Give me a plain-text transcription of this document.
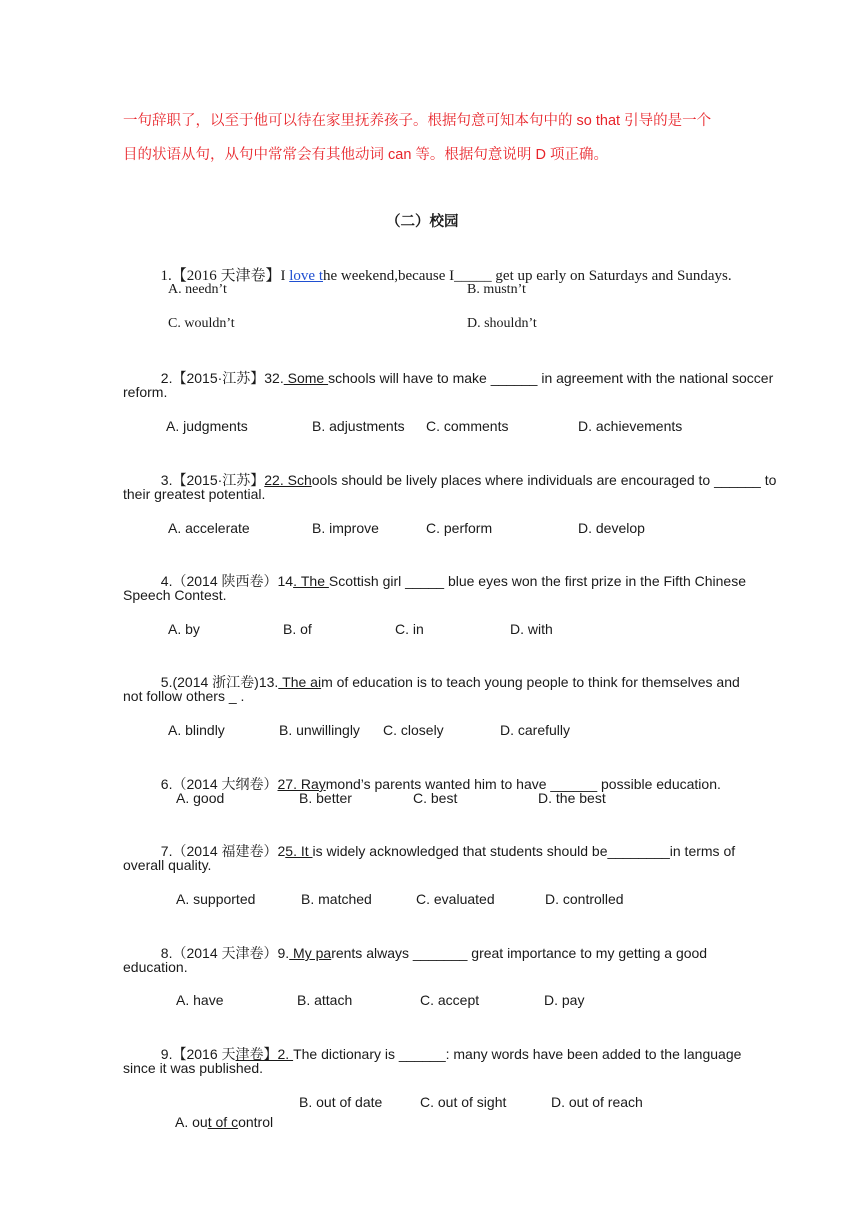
一句辞职了，以至于他可以待在家里抚养孩子。根据句意可知本句中的 so that 引导的是一个
目的状语从句，从句中常常会有其他动词 can 等。根据句意说明 D 项正确。
（二）校园

1.【2016 天津卷】I love the weekend,because I_____ get up early on Saturdays and Sundays.

A. needn’t	B. mustn’t
C. wouldn’t	D. shouldn’t

2.【2015·江苏】32. Some schools will have to make ______ in agreement with the national soccer

reform.
A. judgments	B. adjustments C. comments	D. achievements

3.【2015·江苏】22. Schools should be lively places where individuals are encouraged to ______ to

their greatest potential.
A. accelerate	B. improve	C. perform	D. develop

4.（2014 陕西卷）14. The Scottish girl _____ blue eyes won the first prize in the Fifth Chinese

Speech Contest.
A. by	B. of	C. in	D. with

5.(2014 浙江卷)13. The aim of education is to teach young people to think for themselves and

not follow others _ .
A. blindly	B. unwillingly C. closely	D. carefully

6.（2014 大纲卷）27. Raymond’s parents wanted him to have ______ possible education.

A. good	B. better	C. best	D. the best

7.（2014 福建卷）25. It is widely acknowledged that students should be________in terms of

overall quality.
A. supported	B. matched	C. evaluated	D. controlled

8.（2014 天津卷）9. My parents always _______ great importance to my getting a good

education.
A. have	B. attach	C. accept	D. pay

9.【2016 天津卷】2. The dictionary is ______: many words have been added to the language

since it was published.

A. out of control

B. out of date	C. out of sight	D. out of reach
